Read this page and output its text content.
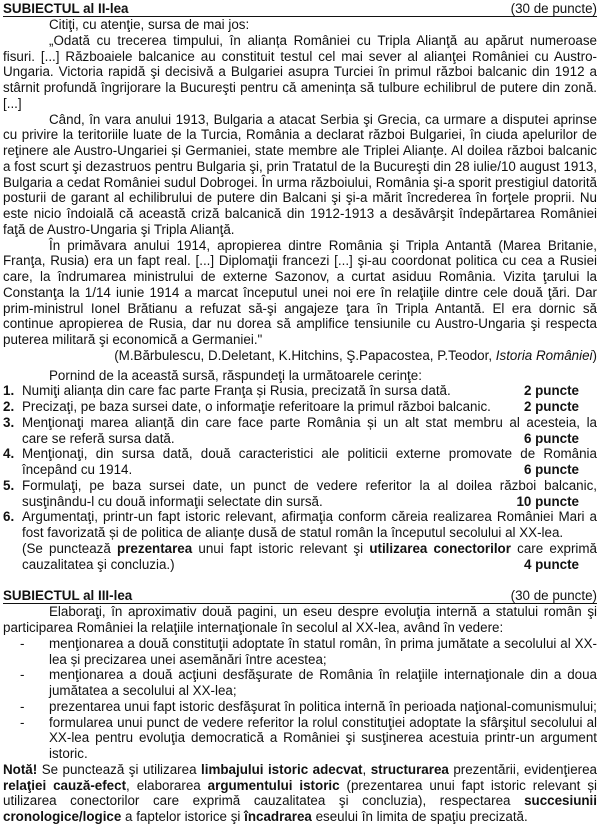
SUBIECTUL al II-lea	(30 de puncte)

Citiţi, cu atenţie, sursa de mai jos:

„Odată cu trecerea timpului, în alianța României cu Tripla Alianţă au apărut numeroase fisuri. [...] Războaiele balcanice au constituit testul cel mai sever al alianţei României cu Austro-Ungaria. Victoria rapidă şi decisivă a Bulgariei asupra Turciei în primul război balcanic din 1912 a stârnit profundă îngrijorare la Bucureşti pentru că amenința să tulbure echilibrul de putere din zonă. [...]

Când, în vara anului 1913, Bulgaria a atacat Serbia şi Grecia, ca urmare a disputei aprinse cu privire la teritoriile luate de la Turcia, România a declarat război Bulgariei, în ciuda apelurilor de reţinere ale Austro-Ungariei și Germaniei, state membre ale Triplei Alianțe. Al doilea război balcanic a fost scurt şi dezastruos pentru Bulgaria şi, prin Tratatul de la Bucureşti din 28 iulie/10 august 1913, Bulgaria a cedat României sudul Dobrogei. În urma războiului, România şi-a sporit prestigiul datorită posturii de garant al echilibrului de putere din Balcani şi şi-a mărit încrederea în forţele proprii. Nu este nicio îndoială că această criză balcanică din 1912-1913 a desăvârşit îndepărtarea României faţă de Austro-Ungaria şi Tripla Alianţă.

În primăvara anului 1914, apropierea dintre România şi Tripla Antantă (Marea Britanie, Franţa, Rusia) era un fapt real. [...] Diplomaţii francezi [...] şi-au coordonat politica cu cea a Rusiei care, la îndrumarea ministrului de externe Sazonov, a curtat asiduu România. Vizita ţarului la Constanţa la 1/14 iunie 1914 a marcat începutul unei noi ere în relaţiile dintre cele două ţări. Dar prim-ministrul Ionel Brătianu a refuzat să-şi angajeze ţara în Tripla Antantă. El era dornic să continue apropierea de Rusia, dar nu dorea să amplifice tensiunile cu Austro-Ungaria şi respecta puterea militară şi economică a Germaniei."

(M.Bărbulescu, D.Deletant, K.Hitchins, Ş.Papacostea, P.Teodor, Istoria României)

Pornind de la această sursă, răspundeţi la următoarele cerinţe:

1. Numiţi alianța din care fac parte Franţa și Rusia, precizată în sursa dată.	2 puncte
2. Precizaţi, pe baza sursei date, o informaţie referitoare la primul război balcanic. 2 puncte
3. Menţionaţi marea alianță din care face parte România și un alt stat membru al acesteia, la

care se referă sursa dată.	6 puncte
4. Menţionaţi, din sursa dată, două caracteristici ale politicii externe promovate de România

începând cu 1914.	6 puncte
5. Formulaţi, pe baza sursei date, un punct de vedere referitor la al doilea război balcanic,

susţinându-l cu două informaţii selectate din sursă.	10 puncte
6. Argumentaţi, printr-un fapt istoric relevant, afirmaţia conform căreia realizarea României Mari a fost favorizată și de politica de alianțe dusă de statul român la începutul secolului al XX-lea.

(Se punctează prezentarea unui fapt istoric relevant şi utilizarea conectorilor care exprimă

cauzalitatea şi concluzia.)	4 puncte
SUBIECTUL al III-lea	(30 de puncte)

Elaboraţi, în aproximativ două pagini, un eseu despre evoluţia internă a statului român şi participarea României la relaţiile internaţionale în secolul al XX-lea, având în vedere:

-	menţionarea a două constituţii adoptate în statul român, în prima jumătate a secolului al XX-lea și precizarea unei asemănări între acestea;
-	menţionarea a două acţiuni desfăşurate de România în relaţiile internaţionale din a doua jumătatea a secolului al XX-lea;
-	prezentarea unui fapt istoric desfăşurat în politica internă în perioada naţional-comunismului;
-	formularea unui punct de vedere referitor la rolul constituţiei adoptate la sfârşitul secolului al XX-lea pentru evoluţia democratică a României şi susţinerea acestuia printr-un argument istoric.

Notă! Se punctează şi utilizarea limbajului istoric adecvat, structurarea prezentării, evidenţierea relaţiei cauză-efect, elaborarea argumentului istoric (prezentarea unui fapt istoric relevant și utilizarea conectorilor care exprimă cauzalitatea şi concluzia), respectarea succesiunii cronologice/logice a faptelor istorice şi încadrarea eseului în limita de spaţiu precizată.
